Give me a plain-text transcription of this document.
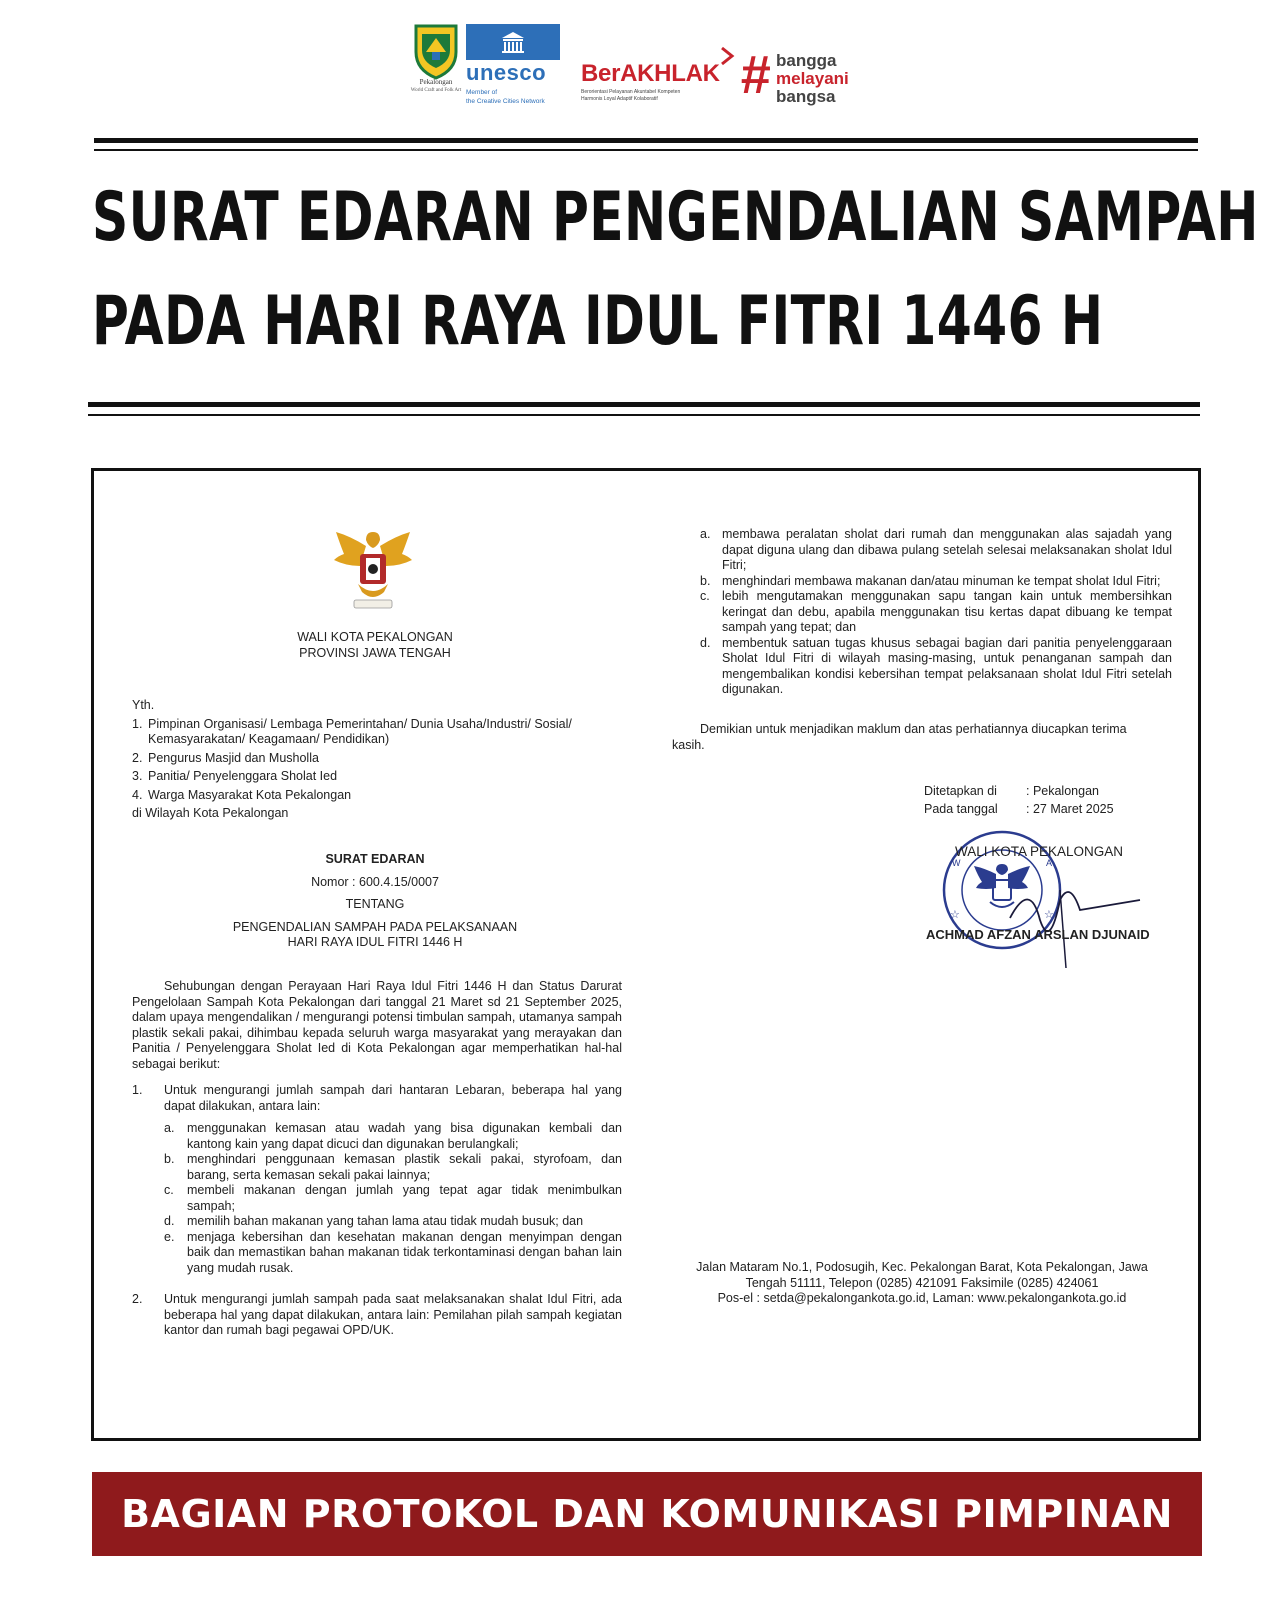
Pekalongan
World Craft and Folk Art
unesco
Member of
the Creative Cities Network
BerAKHLAK
Berorientasi Pelayanan Akuntabel Kompeten
Harmonis Loyal Adaptif Kolaboratif	# bangga
melayani
bangsa
SURAT EDARAN PENGENDALIAN SAMPAH
PADA HARI RAYA IDUL FITRI 1446 H
WALI KOTA PEKALONGAN
PROVINSI JAWA TENGAH
Yth.
1. Pimpinan Organisasi/ Lembaga Pemerintahan/ Dunia Usaha/Industri/ Sosial/
Kemasyarakatan/ Keagamaan/ Pendidikan)
2. Pengurus Masjid dan Musholla
3. Panitia/ Penyelenggara Sholat Ied
4. Warga Masyarakat Kota Pekalongan
di Wilayah Kota Pekalongan
SURAT EDARAN
Nomor : 600.4.15/0007
TENTANG
PENGENDALIAN SAMPAH PADA PELAKSANAAN
HARI RAYA IDUL FITRI 1446 H
Sehubungan dengan Perayaan Hari Raya Idul Fitri 1446 H dan Status Darurat Pengelolaan Sampah Kota Pekalongan dari tanggal 21 Maret sd 21 September 2025, dalam upaya mengendalikan / mengurangi potensi timbulan sampah, utamanya sampah plastik sekali pakai, dihimbau kepada seluruh warga masyarakat yang merayakan dan Panitia / Penyelenggara Sholat Ied di Kota Pekalongan agar memperhatikan hal-hal sebagai berikut:
1.	Untuk mengurangi jumlah sampah dari hantaran Lebaran, beberapa hal yang dapat dilakukan, antara lain:
a.	menggunakan kemasan atau wadah yang bisa digunakan kembali dan kantong kain yang dapat dicuci dan digunakan berulangkali;
b.	menghindari penggunaan kemasan plastik sekali pakai, styrofoam, dan barang, serta kemasan sekali pakai lainnya;
c.	membeli makanan dengan jumlah yang tepat agar tidak menimbulkan sampah;
d.	memilih bahan makanan yang tahan lama atau tidak mudah busuk; dan
e.	menjaga kebersihan dan kesehatan makanan dengan menyimpan dengan baik dan memastikan bahan makanan tidak terkontaminasi dengan bahan lain yang mudah rusak.
2.	Untuk mengurangi jumlah sampah pada saat melaksanakan shalat Idul Fitri, ada beberapa hal yang dapat dilakukan, antara lain: Pemilahan pilah sampah kegiatan kantor dan rumah bagi pegawai OPD/UK.
a. membawa peralatan sholat dari rumah dan menggunakan alas sajadah yang dapat diguna ulang dan dibawa pulang setelah selesai melaksanakan sholat Idul Fitri;
b. menghindari membawa makanan dan/atau minuman ke tempat sholat Idul Fitri;
c. lebih mengutamakan menggunakan sapu tangan kain untuk membersihkan keringat dan debu, apabila menggunakan tisu kertas dapat dibuang ke tempat sampah yang tepat; dan
d. membentuk satuan tugas khusus sebagai bagian dari panitia penyelenggaraan Sholat Idul Fitri di wilayah masing-masing, untuk penanganan sampah dan mengembalikan kondisi kebersihan tempat pelaksanaan sholat Idul Fitri setelah digunakan.
Demikian untuk menjadikan maklum dan atas perhatiannya diucapkan terima
kasih.
Ditetapkan di	: Pekalongan
Pada tanggal	: 27 Maret 2025
W	A
☆	☆
WALI KOTA PEKALONGAN
ACHMAD AFZAN ARSLAN DJUNAID
Jalan Mataram No.1, Podosugih, Kec. Pekalongan Barat, Kota Pekalongan, Jawa
Tengah 51111, Telepon (0285) 421091 Faksimile (0285) 424061
Pos-el : setda@pekalongankota.go.id, Laman: www.pekalongankota.go.id
BAGIAN PROTOKOL DAN KOMUNIKASI PIMPINAN
